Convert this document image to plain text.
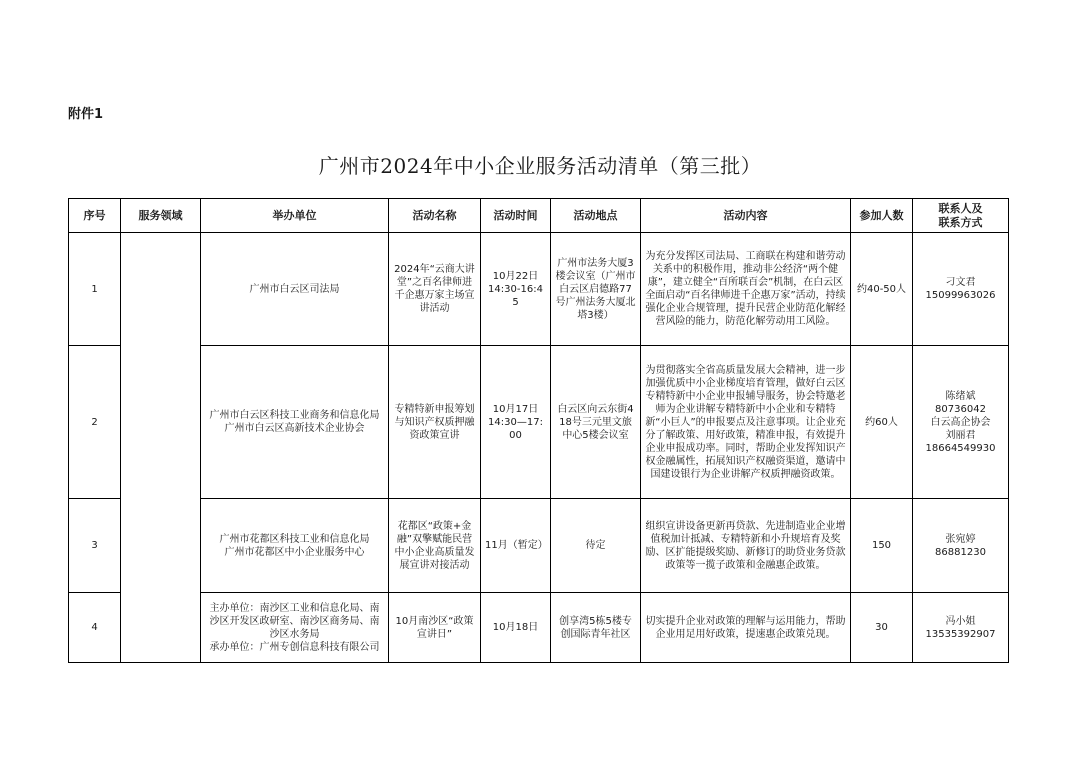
附件1
广州市2024年中小企业服务活动清单（第三批）
序号	服务领域	举办单位	活动名称	活动时间	活动地点	活动内容	参加人数	联系人及
联系方式
1		广州市白云区司法局	2024年“云商大讲堂”之百名律师进千企惠万家主场宣讲活动	10月22日
14:30-16:45	广州市法务大厦3楼会议室（广州市白云区启德路77号广州法务大厦北塔3楼）	为充分发挥区司法局、工商联在构建和谐劳动关系中的积极作用，推动非公经济“两个健康”，建立健全“百所联百会”机制，在白云区全面启动“百名律师进千企惠万家”活动，持续强化企业合规管理，提升民营企业防范化解经营风险的能力，防范化解劳动用工风险。	约40-50人	刁文君
15099963026
2		广州市白云区科技工业商务和信息化局
广州市白云区高新技术企业协会	专精特新申报筹划与知识产权质押融资政策宣讲	10月17日
14:30—17:00	白云区向云东街418号三元里文旅中心5楼会议室	为贯彻落实全省高质量发展大会精神，进一步加强优质中小企业梯度培育管理，做好白云区专精特新中小企业申报辅导服务，协会特邀老师为企业讲解专精特新中小企业和专精特新“小巨人”的申报要点及注意事项。让企业充分了解政策、用好政策，精准申报，有效提升企业申报成功率。同时，帮助企业发挥知识产权金融属性，拓展知识产权融资渠道，邀请中国建设银行为企业讲解产权质押融资政策。	约60人	陈绪斌
80736042
白云高企协会
刘丽君
18664549930
3		广州市花都区科技工业和信息化局
广州市花都区中小企业服务中心	花都区“政策+金融”双擎赋能民营中小企业高质量发展宣讲对接活动	11月（暂定）	待定	组织宣讲设备更新再贷款、先进制造业企业增值税加计抵减、专精特新和小升规培育及奖励、区扩能提级奖励、新修订的助贷业务贷款政策等一揽子政策和金融惠企政策。	150	张宛婷
86881230
4		主办单位：南沙区工业和信息化局、南沙区开发区政研室、南沙区商务局、南沙区水务局
承办单位：广州专创信息科技有限公司	10月南沙区“政策宣讲日”	10月18日	创享湾5栋5楼专创国际青年社区	切实提升企业对政策的理解与运用能力，帮助企业用足用好政策，提速惠企政策兑现。	30	冯小姐
13535392907
